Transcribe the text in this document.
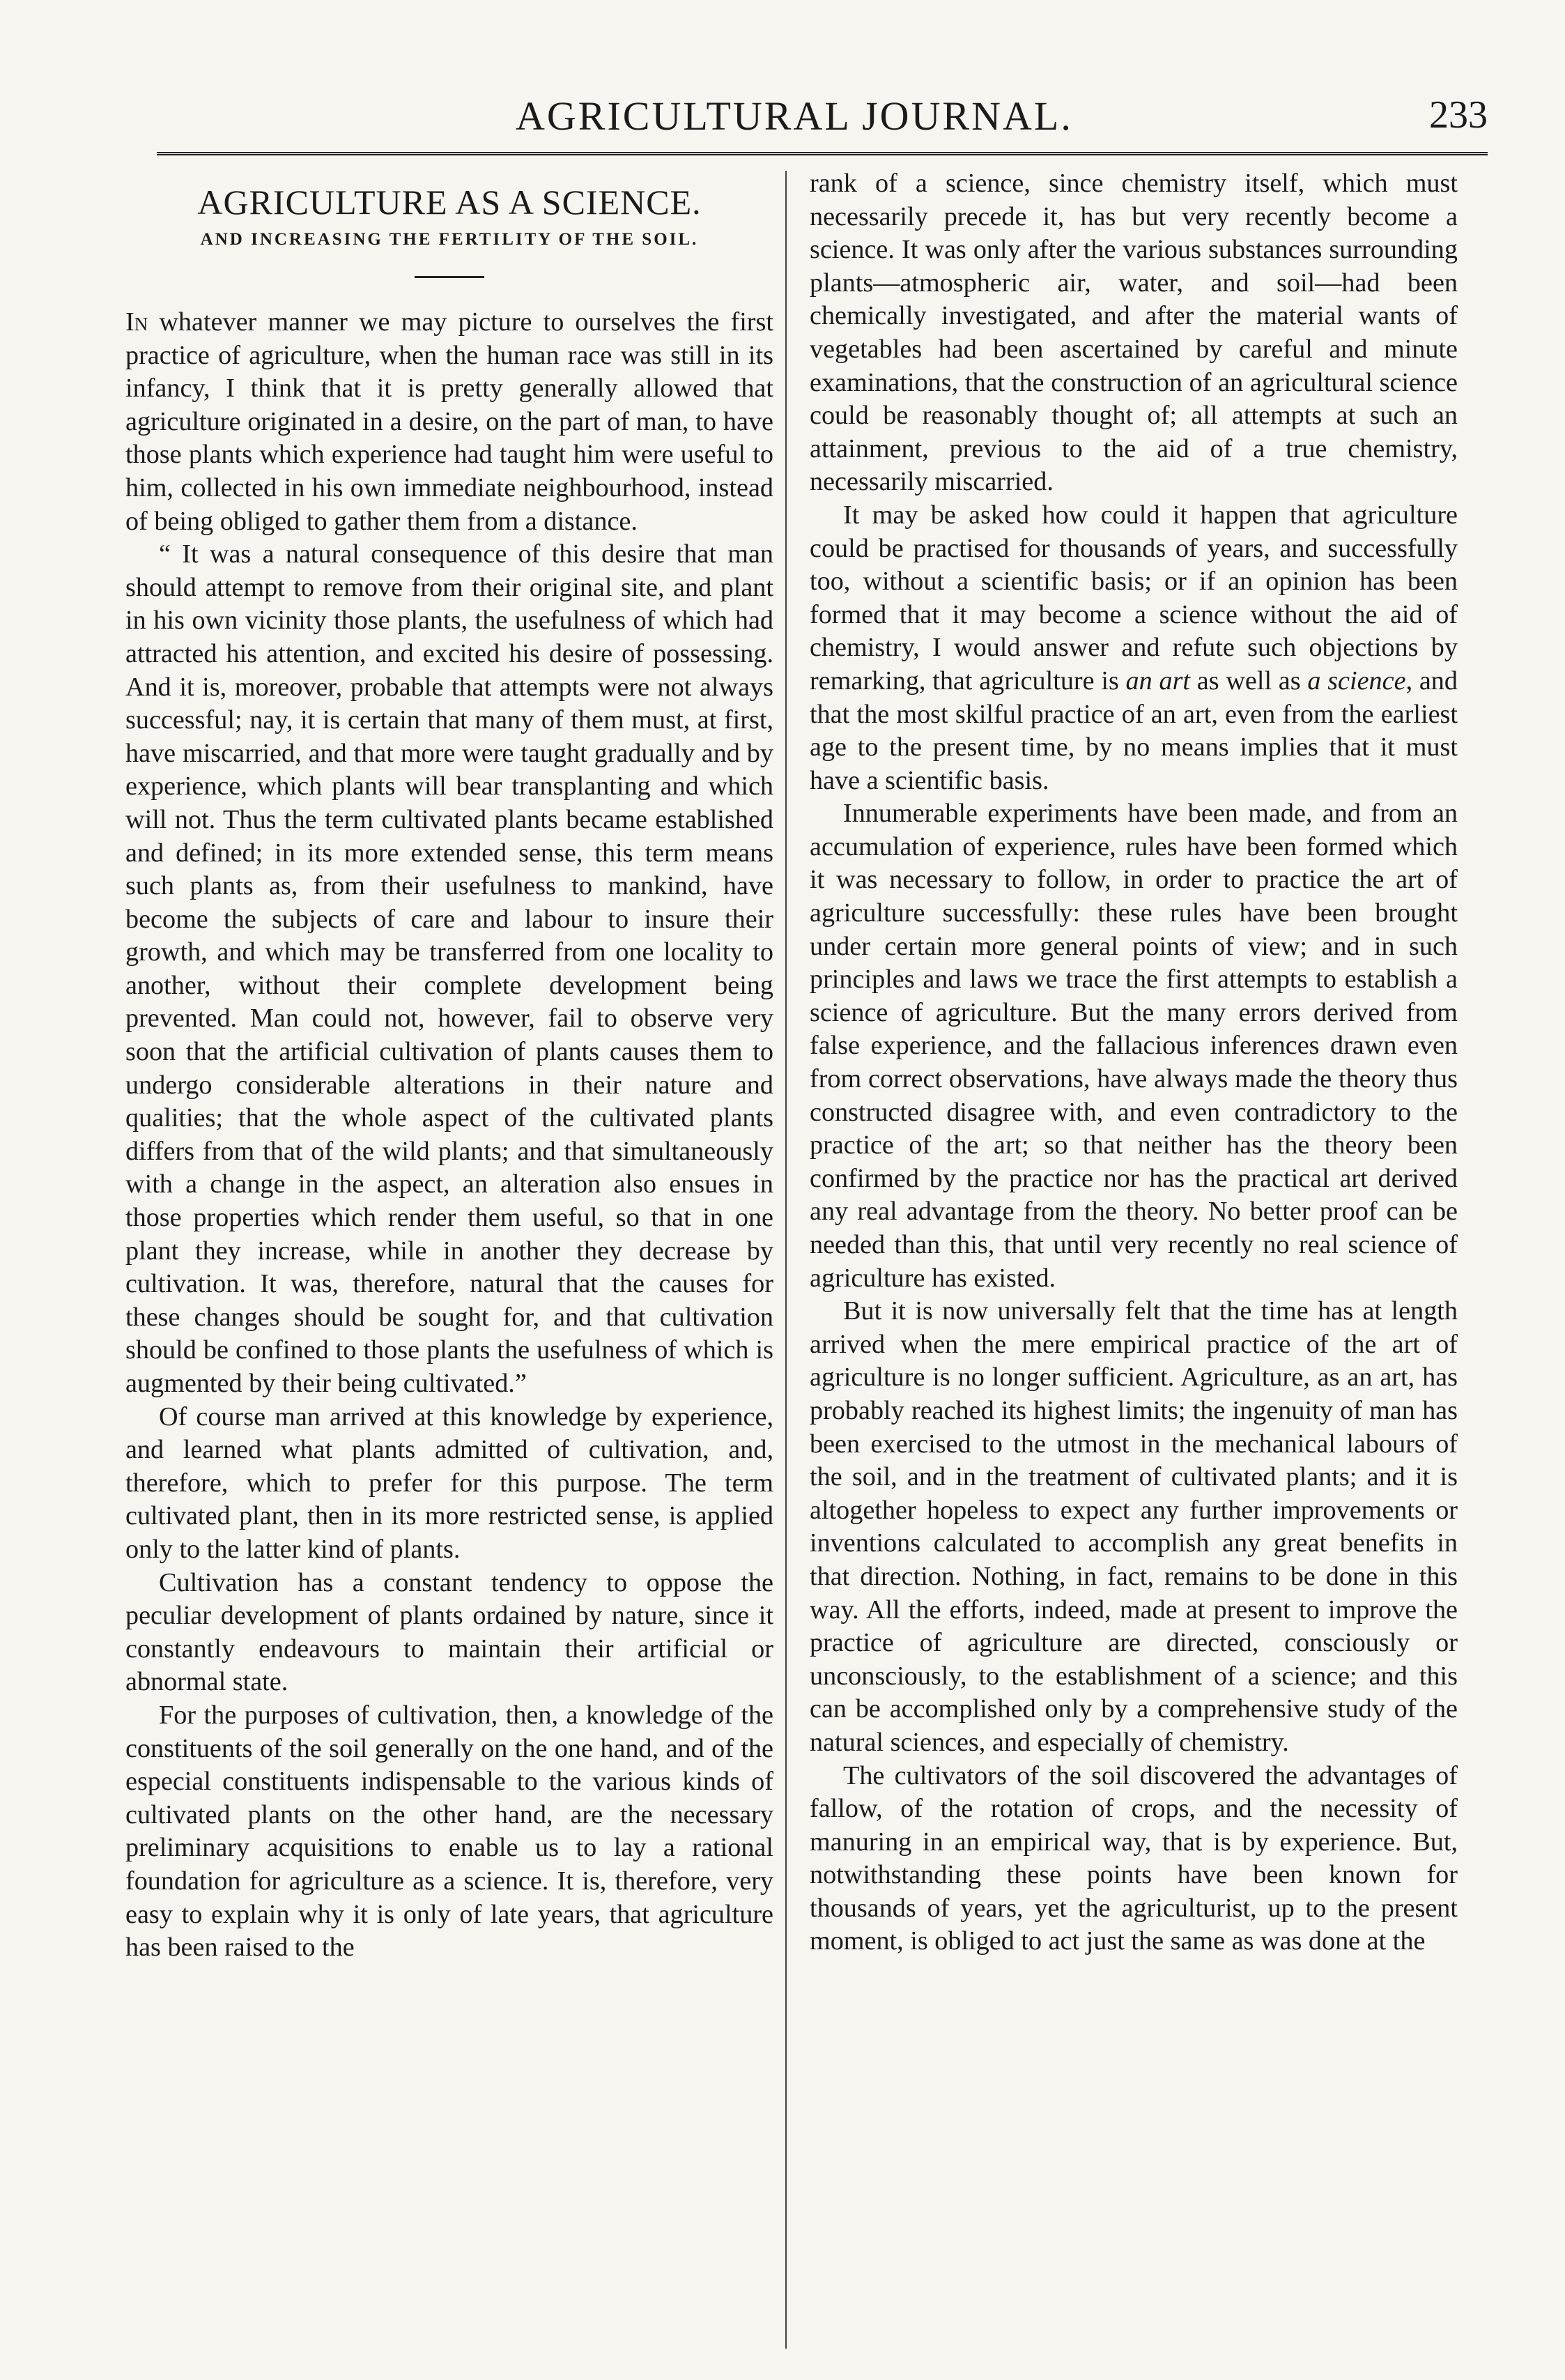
AGRICULTURAL JOURNAL.	233
AGRICULTURE AS A SCIENCE.
AND INCREASING THE FERTILITY OF THE SOIL.

In whatever manner we may picture to ourselves the first practice of agriculture, when the human race was still in its infancy, I think that it is pretty generally allowed that agriculture originated in a desire, on the part of man, to have those plants which experience had taught him were useful to him, collected in his own immediate neighbourhood, instead of being obliged to gather them from a distance.

“ It was a natural consequence of this desire that man should attempt to remove from their original site, and plant in his own vicinity those plants, the usefulness of which had attracted his attention, and excited his desire of possessing. And it is, moreover, probable that attempts were not always successful; nay, it is certain that many of them must, at first, have miscarried, and that more were taught gradually and by experience, which plants will bear transplanting and which will not. Thus the term cultivated plants became established and defined; in its more extended sense, this term means such plants as, from their usefulness to mankind, have become the subjects of care and labour to insure their growth, and which may be transferred from one locality to another, without their complete development being prevented. Man could not, however, fail to observe very soon that the artificial cultivation of plants causes them to undergo considerable alterations in their nature and qualities; that the whole aspect of the cultivated plants differs from that of the wild plants; and that simultaneously with a change in the aspect, an alteration also ensues in those properties which render them useful, so that in one plant they increase, while in another they decrease by cultivation. It was, therefore, natural that the causes for these changes should be sought for, and that cultivation should be confined to those plants the usefulness of which is augmented by their being cultivated.”

Of course man arrived at this knowledge by experience, and learned what plants admitted of cultivation, and, therefore, which to prefer for this purpose. The term cultivated plant, then in its more restricted sense, is applied only to the latter kind of plants.

Cultivation has a constant tendency to oppose the peculiar development of plants ordained by nature, since it constantly endeavours to maintain their artificial or abnormal state.

For the purposes of cultivation, then, a knowledge of the constituents of the soil generally on the one hand, and of the especial constituents indispensable to the various kinds of cultivated plants on the other hand, are the necessary preliminary acquisitions to enable us to lay a rational foundation for agriculture as a science. It is, therefore, very easy to explain why it is only of late years, that agriculture has been raised to the

rank of a science, since chemistry itself, which must necessarily precede it, has but very recently become a science. It was only after the various substances surrounding plants—atmospheric air, water, and soil—had been chemically investigated, and after the material wants of vegetables had been ascertained by careful and minute examinations, that the construction of an agricultural science could be reasonably thought of; all attempts at such an attainment, previous to the aid of a true chemistry, necessarily miscarried.

It may be asked how could it happen that agriculture could be practised for thousands of years, and successfully too, without a scientific basis; or if an opinion has been formed that it may become a science without the aid of chemistry, I would answer and refute such objections by remarking, that agriculture is an art as well as a science, and that the most skilful practice of an art, even from the earliest age to the present time, by no means implies that it must have a scientific basis.

Innumerable experiments have been made, and from an accumulation of experience, rules have been formed which it was necessary to follow, in order to practice the art of agriculture successfully: these rules have been brought under certain more general points of view; and in such principles and laws we trace the first attempts to establish a science of agriculture. But the many errors derived from false experience, and the fallacious inferences drawn even from correct observations, have always made the theory thus constructed disagree with, and even contradictory to the practice of the art; so that neither has the theory been confirmed by the practice nor has the practical art derived any real advantage from the theory. No better proof can be needed than this, that until very recently no real science of agriculture has existed.

But it is now universally felt that the time has at length arrived when the mere empirical practice of the art of agriculture is no longer sufficient. Agriculture, as an art, has probably reached its highest limits; the ingenuity of man has been exercised to the utmost in the mechanical labours of the soil, and in the treatment of cultivated plants; and it is altogether hopeless to expect any further improvements or inventions calculated to accomplish any great benefits in that direction. Nothing, in fact, remains to be done in this way. All the efforts, indeed, made at present to improve the practice of agriculture are directed, consciously or unconsciously, to the establishment of a science; and this can be accomplished only by a comprehensive study of the natural sciences, and especially of chemistry.

The cultivators of the soil discovered the advantages of fallow, of the rotation of crops, and the necessity of manuring in an empirical way, that is by experience. But, notwithstanding these points have been known for thousands of years, yet the agriculturist, up to the present moment, is obliged to act just the same as was done at the
